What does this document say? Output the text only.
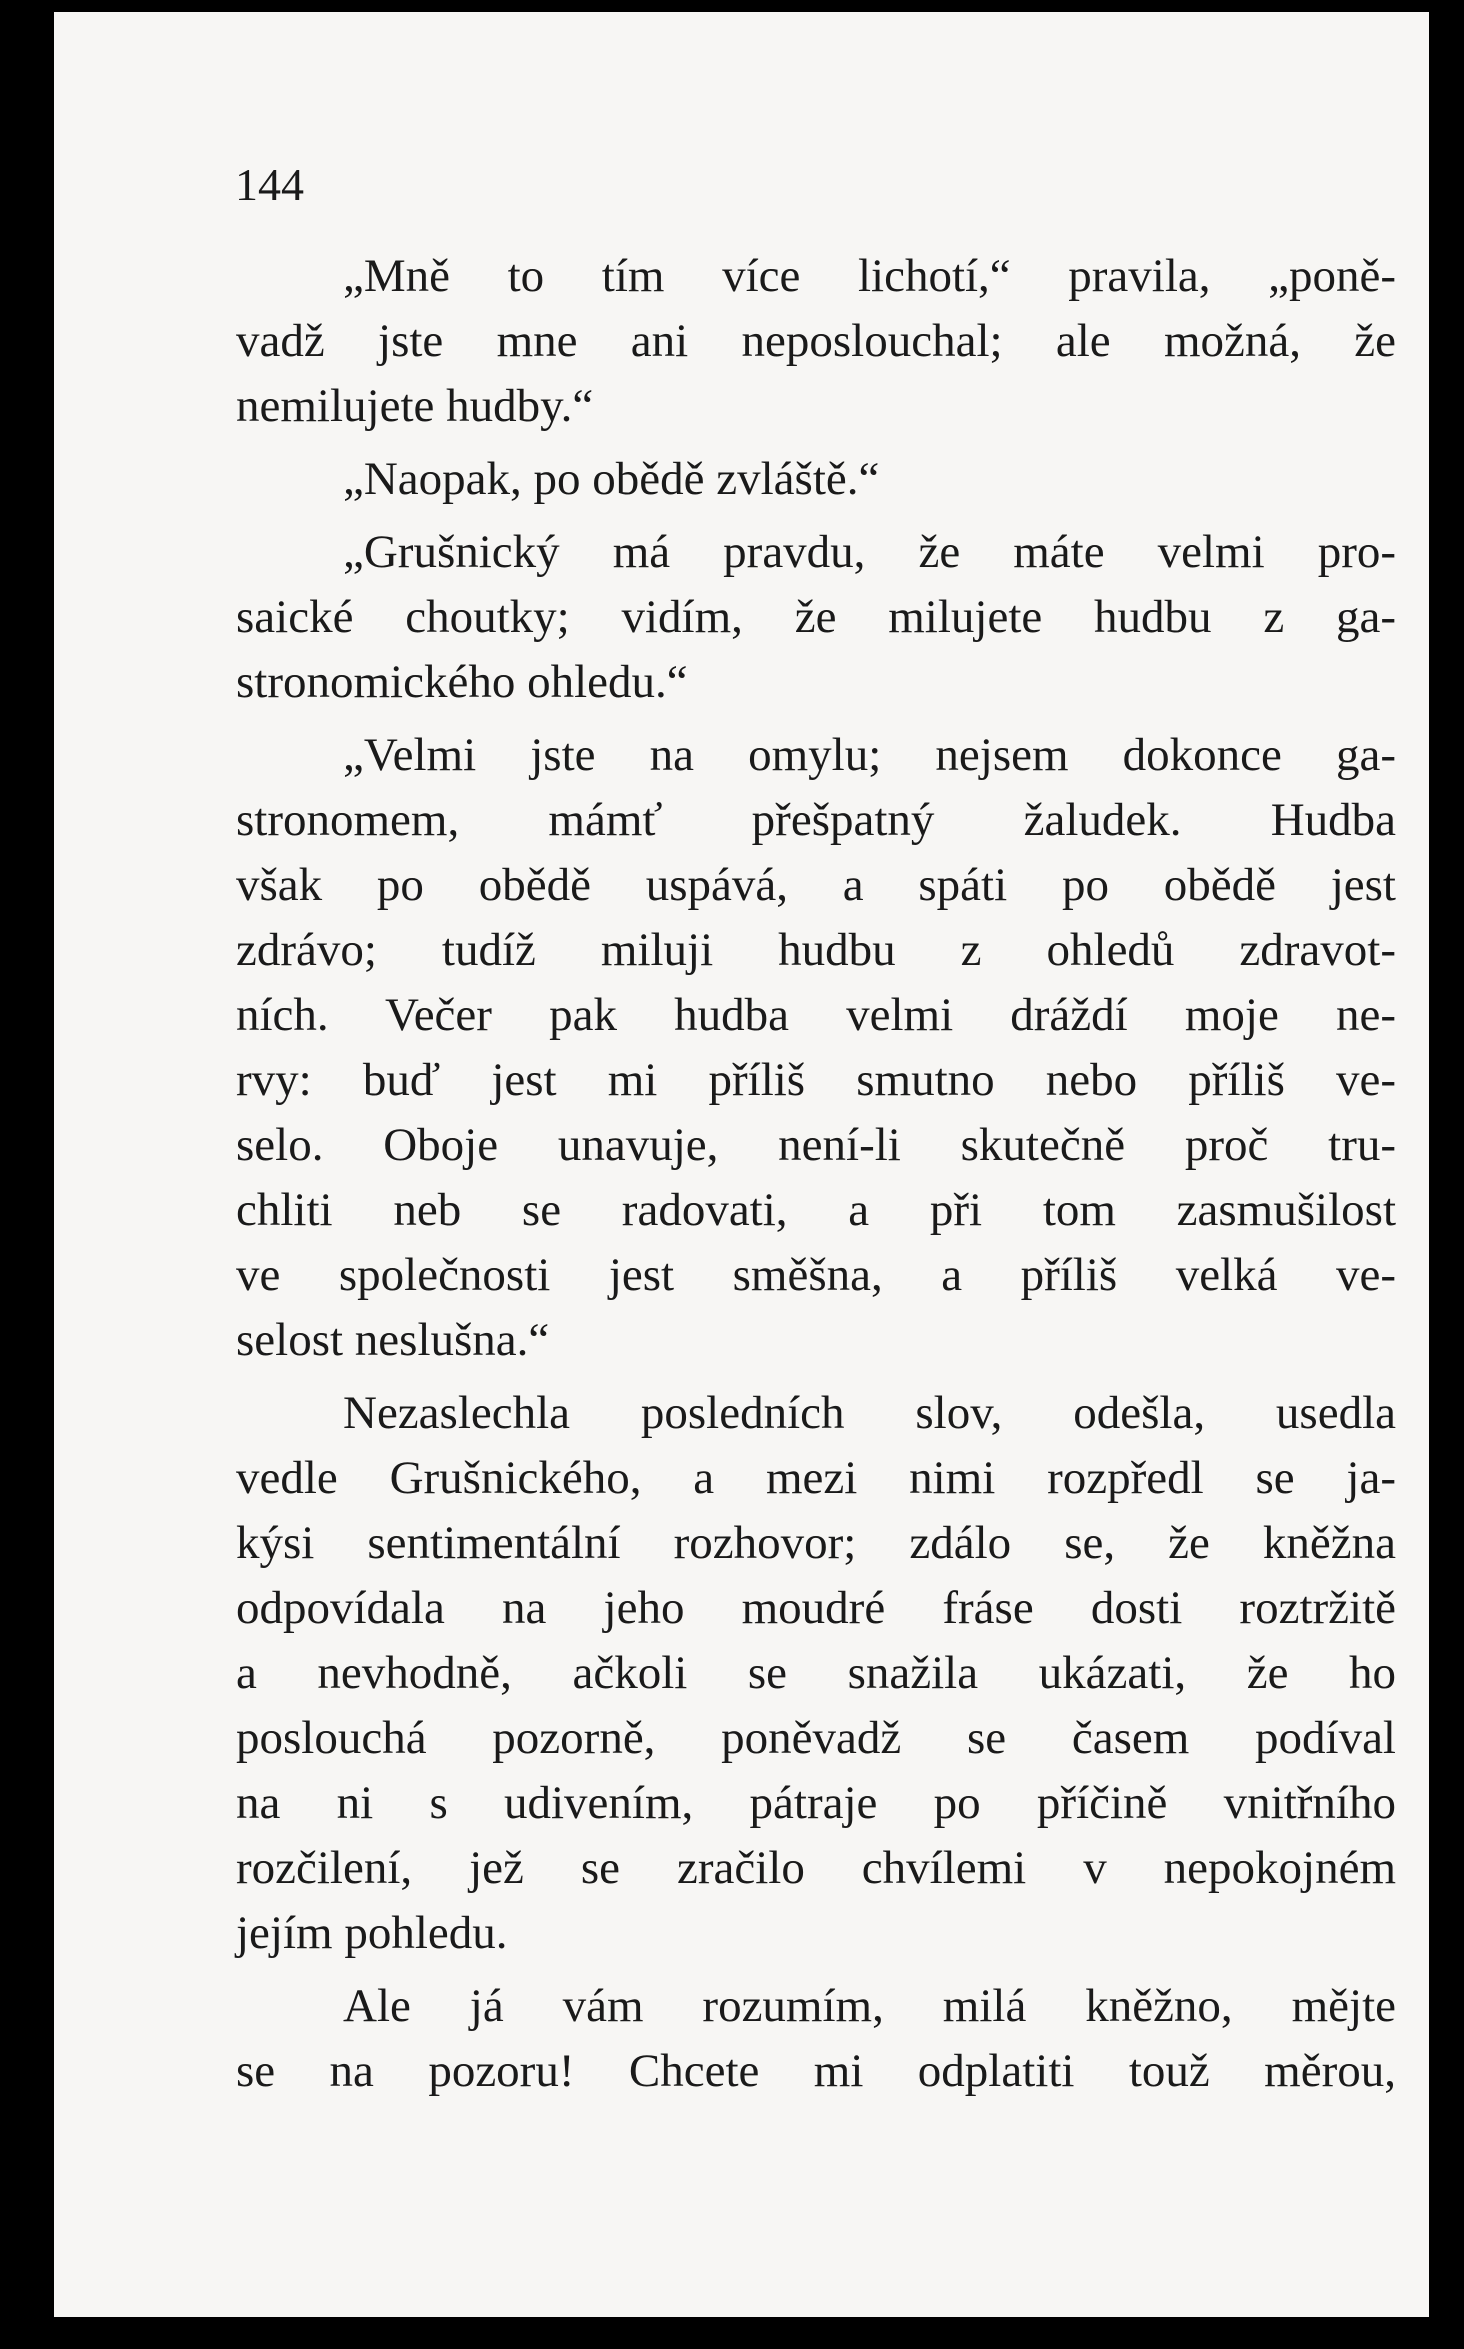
144
„Mně to tím více lichotí,“ pravila, „poně-
vadž jste mne ani neposlouchal; ale možná, že
nemilujete hudby.“
„Naopak, po obědě zvláště.“
„Grušnický má pravdu, že máte velmi pro-
saické choutky; vidím, že milujete hudbu z ga-
stronomického ohledu.“
„Velmi jste na omylu; nejsem dokonce ga-
stronomem, mámť přešpatný žaludek. Hudba
však po obědě uspává, a spáti po obědě jest
zdrávo; tudíž miluji hudbu z ohledů zdravot-
ních. Večer pak hudba velmi dráždí moje ne-
rvy: buď jest mi příliš smutno nebo příliš ve-
selo. Oboje unavuje, není-li skutečně proč tru-
chliti neb se radovati, a při tom zasmušilost
ve společnosti jest směšna, a příliš velká ve-
selost neslušna.“
Nezaslechla posledních slov, odešla, usedla
vedle Grušnického, a mezi nimi rozpředl se ja-
kýsi sentimentální rozhovor; zdálo se, že kněžna
odpovídala na jeho moudré fráse dosti roztržitě
a nevhodně, ačkoli se snažila ukázati, že ho
poslouchá pozorně, poněvadž se časem podíval
na ni s udivením, pátraje po příčině vnitřního
rozčilení, jež se zračilo chvílemi v nepokojném
jejím pohledu.
Ale já vám rozumím, milá kněžno, mějte
se na pozoru! Chcete mi odplatiti touž měrou,
